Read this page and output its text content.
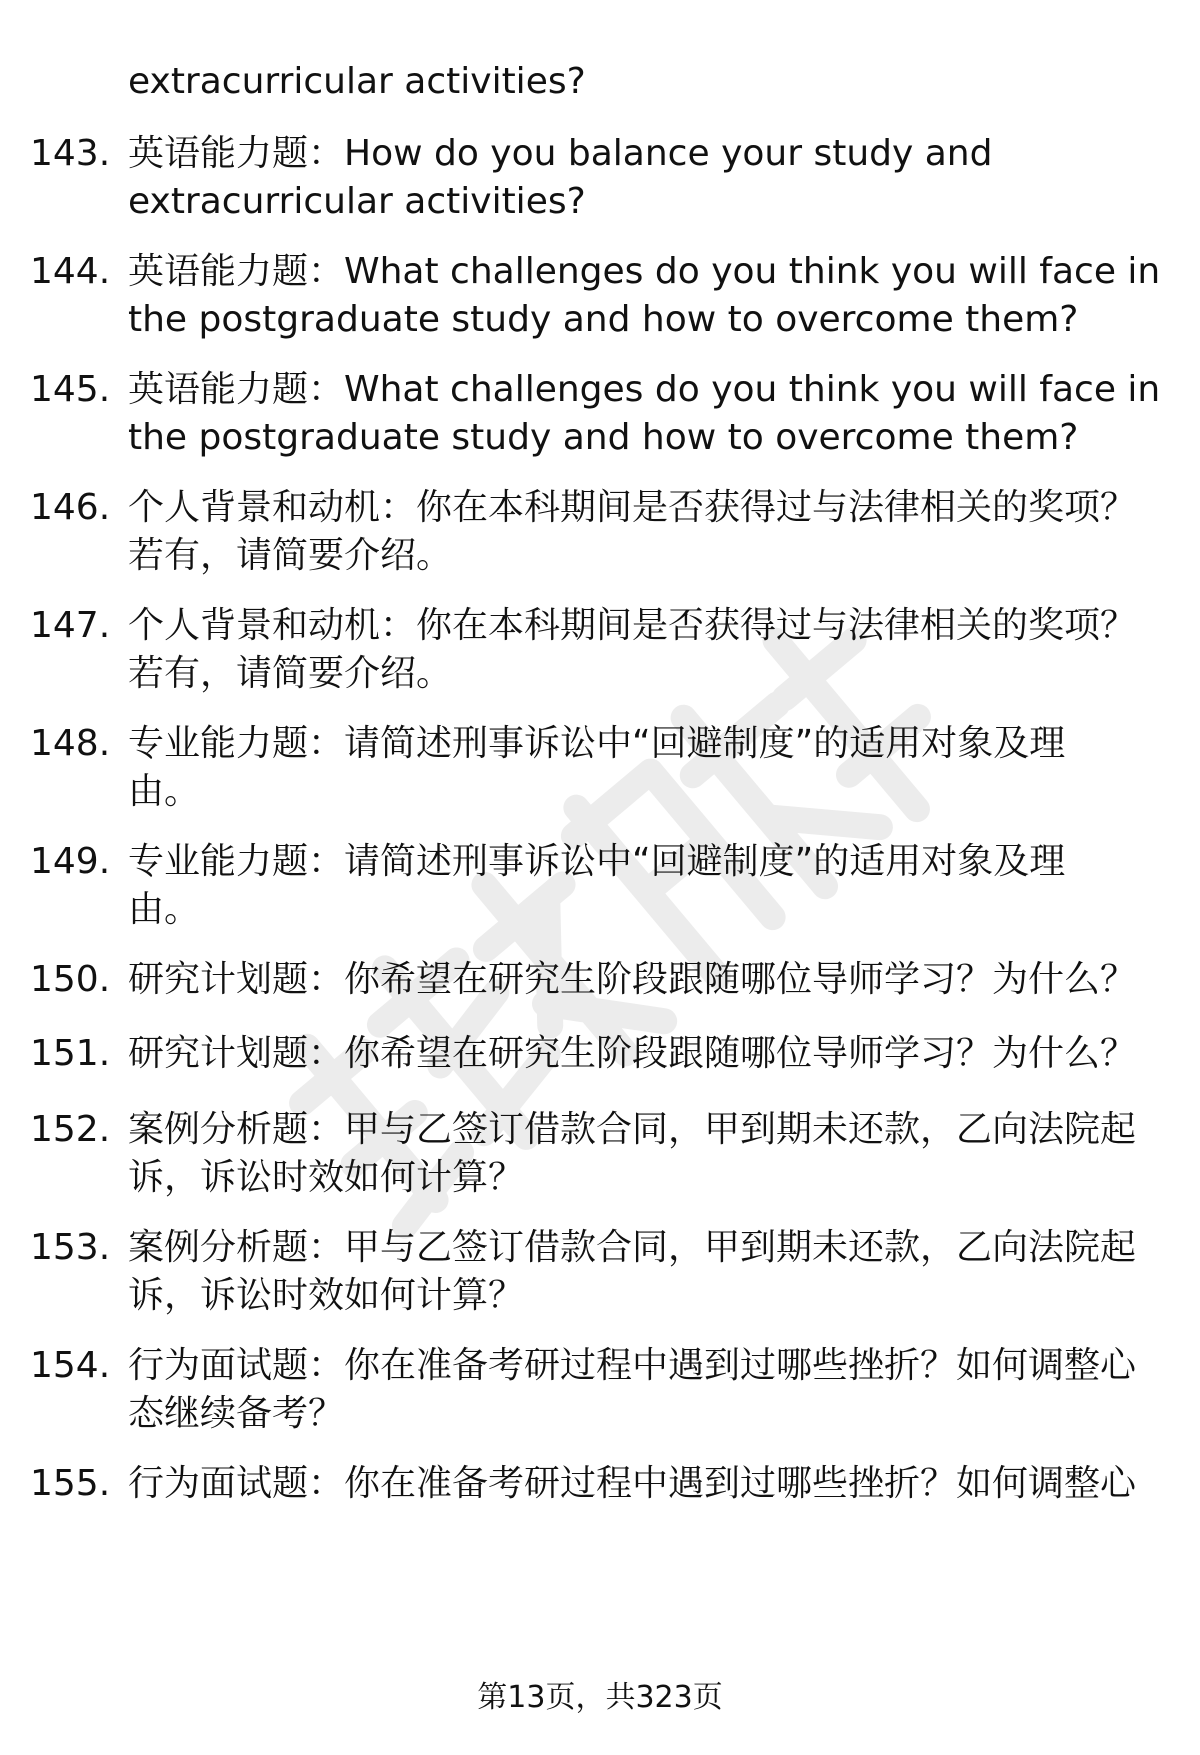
extracurricular activities?
143. 英语能力题：How do you balance your study and
extracurricular activities?
144. 英语能力题：What challenges do you think you will face in
the postgraduate study and how to overcome them?
145. 英语能力题：What challenges do you think you will face in
the postgraduate study and how to overcome them?
146. 个人背景和动机：你在本科期间是否获得过与法律相关的奖项？
若有，请简要介绍。
147. 个人背景和动机：你在本科期间是否获得过与法律相关的奖项？
若有，请简要介绍。
148. 专业能力题：请简述刑事诉讼中“回避制度”的适用对象及理
由。
149. 专业能力题：请简述刑事诉讼中“回避制度”的适用对象及理
由。
150. 研究计划题：你希望在研究生阶段跟随哪位导师学习？为什么？
151. 研究计划题：你希望在研究生阶段跟随哪位导师学习？为什么？
152. 案例分析题：甲与乙签订借款合同，甲到期未还款，乙向法院起
诉，诉讼时效如何计算？
153. 案例分析题：甲与乙签订借款合同，甲到期未还款，乙向法院起
诉，诉讼时效如何计算？
154. 行为面试题：你在准备考研过程中遇到过哪些挫折？如何调整心
态继续备考？
155. 行为面试题：你在准备考研过程中遇到过哪些挫折？如何调整心
第13页，共323页
